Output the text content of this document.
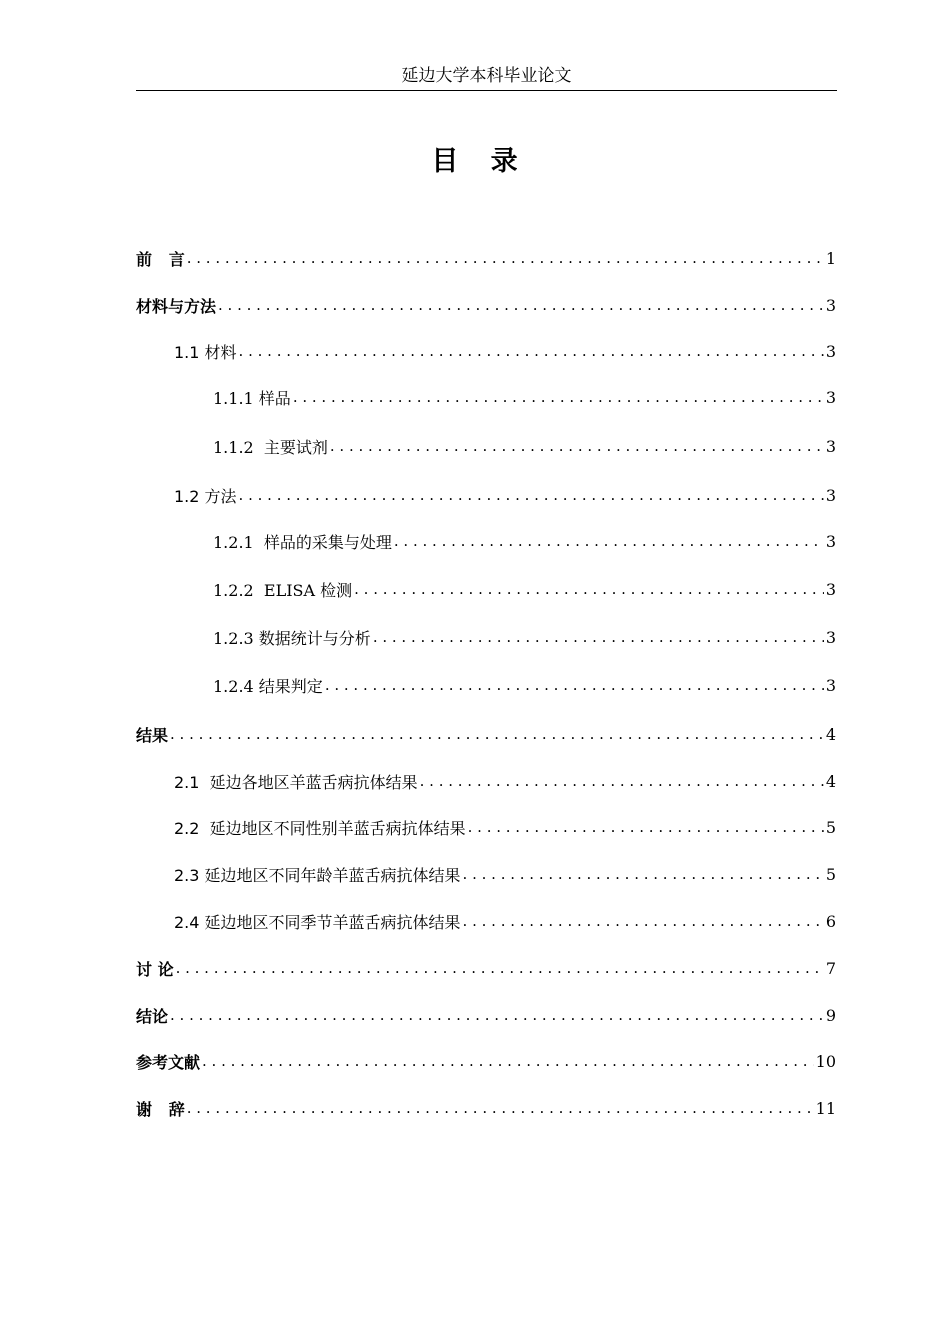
延边大学本科毕业论文
目   录
前   言 . . .	1
材料与方法 . . .	3
1.1 材料 . . .	3
1.1.1 样品 . . .	3
1.1.2  主要试剂 . . .	3
1.2 方法 . . .	3
1.2.1  样品的采集与处理 . . .	3
1.2.2  ELISA 检测 . . .	3
1.2.3 数据统计与分析 . . .	3
1.2.4 结果判定 . . .	3
结果 . . .	4
2.1  延边各地区羊蓝舌病抗体结果 . . .	4
2.2  延边地区不同性别羊蓝舌病抗体结果 . . .	5
2.3 延边地区不同年龄羊蓝舌病抗体结果 . . .	5
2.4 延边地区不同季节羊蓝舌病抗体结果 . . .	6
讨 论 . . .	7
结论 . . .	9
参考文献 . . .	10
谢   辞 . . .	11
